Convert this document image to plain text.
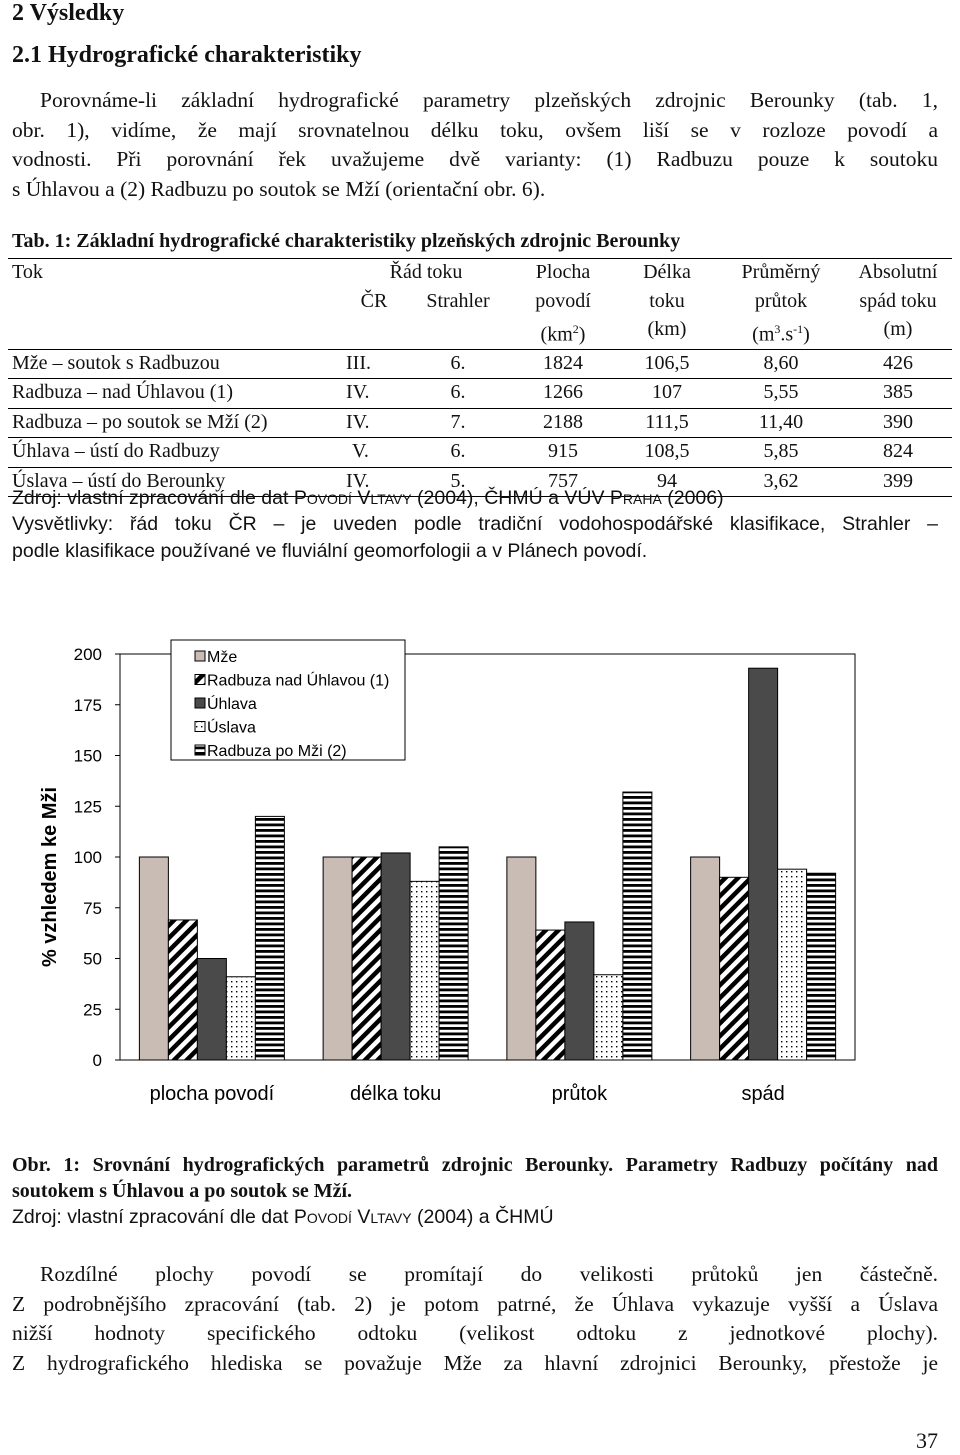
2 Výsledky
2.1 Hydrografické charakteristiky
Porovnáme-li základní hydrografické parametry plzeňských zdrojnic Berounky (tab. 1,
obr. 1), vidíme, že mají srovnatelnou délku toku, ovšem liší se v rozloze povodí a
vodnosti. Při porovnání řek uvažujeme dvě varianty: (1) Radbuzu pouze k soutoku
s Úhlavou a (2) Radbuzu po soutok se Mží (orientační obr. 6).
Tab. 1: Základní hydrografické charakteristiky plzeňských zdrojnic Berounky
Tok	Řád toku		Plocha	Délka	Průměrný	Absolutní
	ČR	Strahler	povodí	toku	průtok	spád toku
			$(km^2)$	(km)	$(m^3.s^{-1})$	(m)
Mže – soutok s Radbuzou	III.	6.	1824	106,5	8,60	426
Radbuza – nad Úhlavou (1)	IV.	6.	1266	107	5,55	385
Radbuza – po soutok se Mží (2)	IV.	7.	2188	111,5	11,40	390
Úhlava – ústí do Radbuzy	V.	6.	915	108,5	5,85	824
Úslava – ústí do Berounky	IV.	5.	757	94	3,62	399
Zdroj: vlastní zpracování dle dat Povodí Vltavy (2004), ČHMÚ a VÚV Praha (2006)
Vysvětlivky: řád toku ČR – je uveden podle tradiční vodohospodářské klasifikace, Strahler –
podle klasifikace používané ve fluviální geomorfologii a v Plánech povodí.
0
25
50
75
100
125
150
175
200
% vzhledem ke Mži
plocha povodí	délka toku	průtok	spád
Mže
Radbuza nad Úhlavou (1)
Úhlava
Úslava
Radbuza po Mži (2)
Obr. 1: Srovnání hydrografických parametrů zdrojnic Berounky. Parametry Radbuzy počítány nad soutokem s Úhlavou a po soutok se Mží.
Zdroj: vlastní zpracování dle dat Povodí Vltavy (2004) a ČHMÚ
Rozdílné plochy povodí se promítají do velikosti průtoků jen částečně.
Z podrobnějšího zpracování (tab. 2) je potom patrné, že Úhlava vykazuje vyšší a Úslava
nižší hodnoty specifického odtoku (velikost odtoku z jednotkové plochy).
Z hydrografického hlediska se považuje Mže za hlavní zdrojnici Berounky, přestože je
37
